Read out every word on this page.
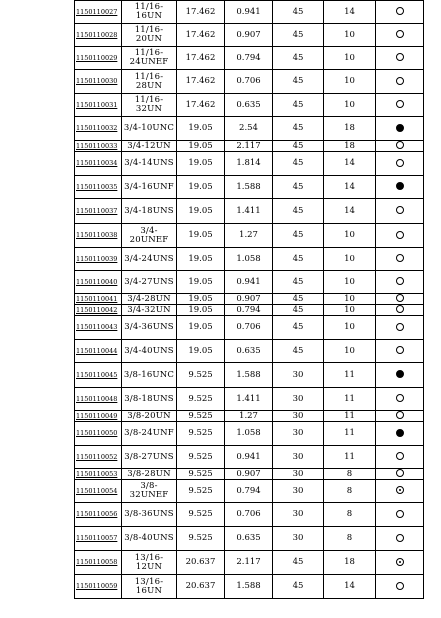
1150110027	11/16-16UN	17.462	0.941	45	14	
1150110028	11/16-20UN	17.462	0.907	45	10	
1150110029	11/16-24UNEF	17.462	0.794	45	10	
1150110030	11/16-28UN	17.462	0.706	45	10	
1150110031	11/16-32UN	17.462	0.635	45	10	
1150110032	3/4-10UNC	19.05	2.54	45	18	
1150110033	3/4-12UN	19.05	2.117	45	18	
1150110034	3/4-14UNS	19.05	1.814	45	14	
1150110035	3/4-16UNF	19.05	1.588	45	14	
1150110037	3/4-18UNS	19.05	1.411	45	14	
1150110038	3/4-20UNEF	19.05	1.27	45	10	
1150110039	3/4-24UNS	19.05	1.058	45	10	
1150110040	3/4-27UNS	19.05	0.941	45	10	
1150110041	3/4-28UN	19.05	0.907	45	10	
1150110042	3/4-32UN	19.05	0.794	45	10	
1150110043	3/4-36UNS	19.05	0.706	45	10	
1150110044	3/4-40UNS	19.05	0.635	45	10	
1150110045	3/8-16UNC	9.525	1.588	30	11	
1150110048	3/8-18UNS	9.525	1.411	30	11	
1150110049	3/8-20UN	9.525	1.27	30	11	
1150110050	3/8-24UNF	9.525	1.058	30	11	
1150110052	3/8-27UNS	9.525	0.941	30	11	
1150110053	3/8-28UN	9.525	0.907	30	8	
1150110054	3/8-32UNEF	9.525	0.794	30	8	
1150110056	3/8-36UNS	9.525	0.706	30	8	
1150110057	3/8-40UNS	9.525	0.635	30	8	
1150110058	13/16-12UN	20.637	2.117	45	18	
1150110059	13/16-16UN	20.637	1.588	45	14	
